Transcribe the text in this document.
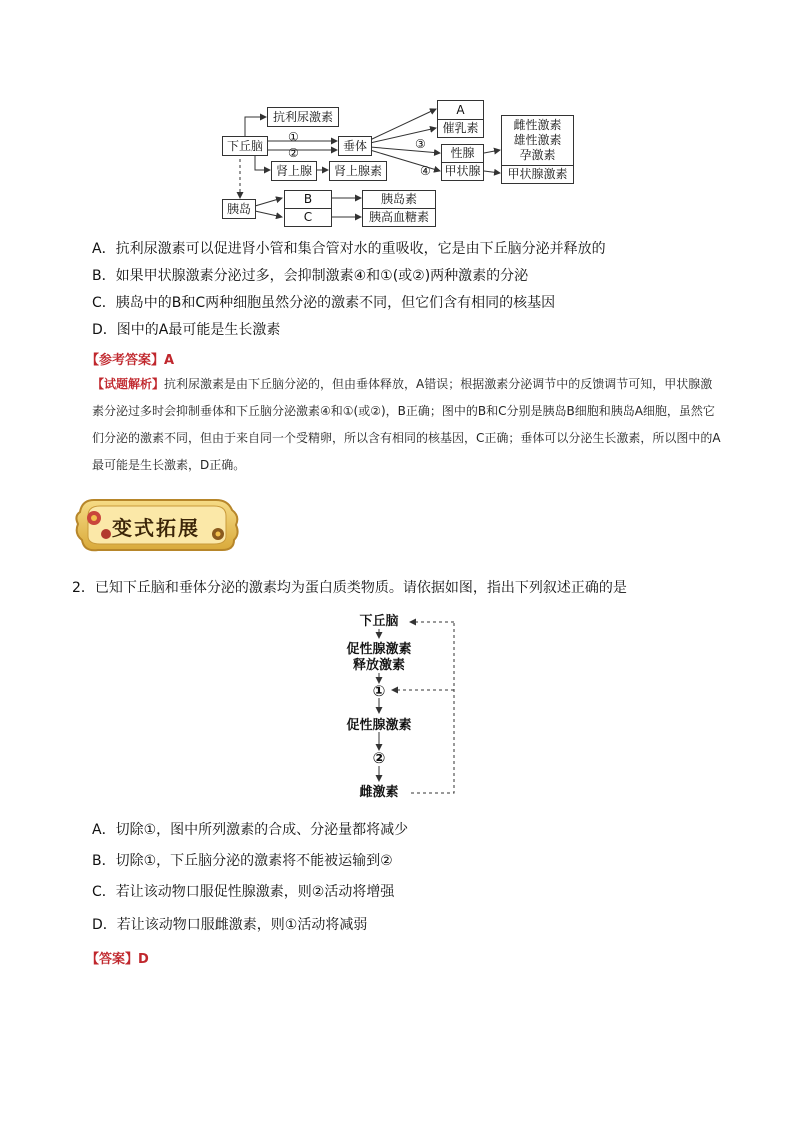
下丘脑
抗利尿激素
垂体
肾上腺	肾上腺素
A
催乳素
性腺
甲状腺
雌性激素
雄性激素
孕激素
甲状腺激素
胰岛
B
C
胰岛素
胰高血糖素
①
②
③
④
A．抗利尿激素可以促进肾小管和集合管对水的重吸收，它是由下丘脑分泌并释放的
B．如果甲状腺激素分泌过多，会抑制激素④和①(或②)两种激素的分泌
C．胰岛中的B和C两种细胞虽然分泌的激素不同，但它们含有相同的核基因
D．图中的A最可能是生长激素
【参考答案】A
【试题解析】抗利尿激素是由下丘脑分泌的，但由垂体释放，A错误；根据激素分泌调节中的反馈调节可知，甲状腺激素分泌过多时会抑制垂体和下丘脑分泌激素④和①(或②)，B正确；图中的B和C分别是胰岛B细胞和胰岛A细胞，虽然它们分泌的激素不同，但由于来自同一个受精卵，所以含有相同的核基因，C正确；垂体可以分泌生长激素，所以图中的A最可能是生长激素，D正确。
变式拓展
2．已知下丘脑和垂体分泌的激素均为蛋白质类物质。请依据如图，指出下列叙述正确的是
下丘脑
促性腺激素
释放激素
①
促性腺激素
②
雌激素
A．切除①，图中所列激素的合成、分泌量都将减少
B．切除①，下丘脑分泌的激素将不能被运输到②
C．若让该动物口服促性腺激素，则②活动将增强
D．若让该动物口服雌激素，则①活动将减弱
【答案】D
